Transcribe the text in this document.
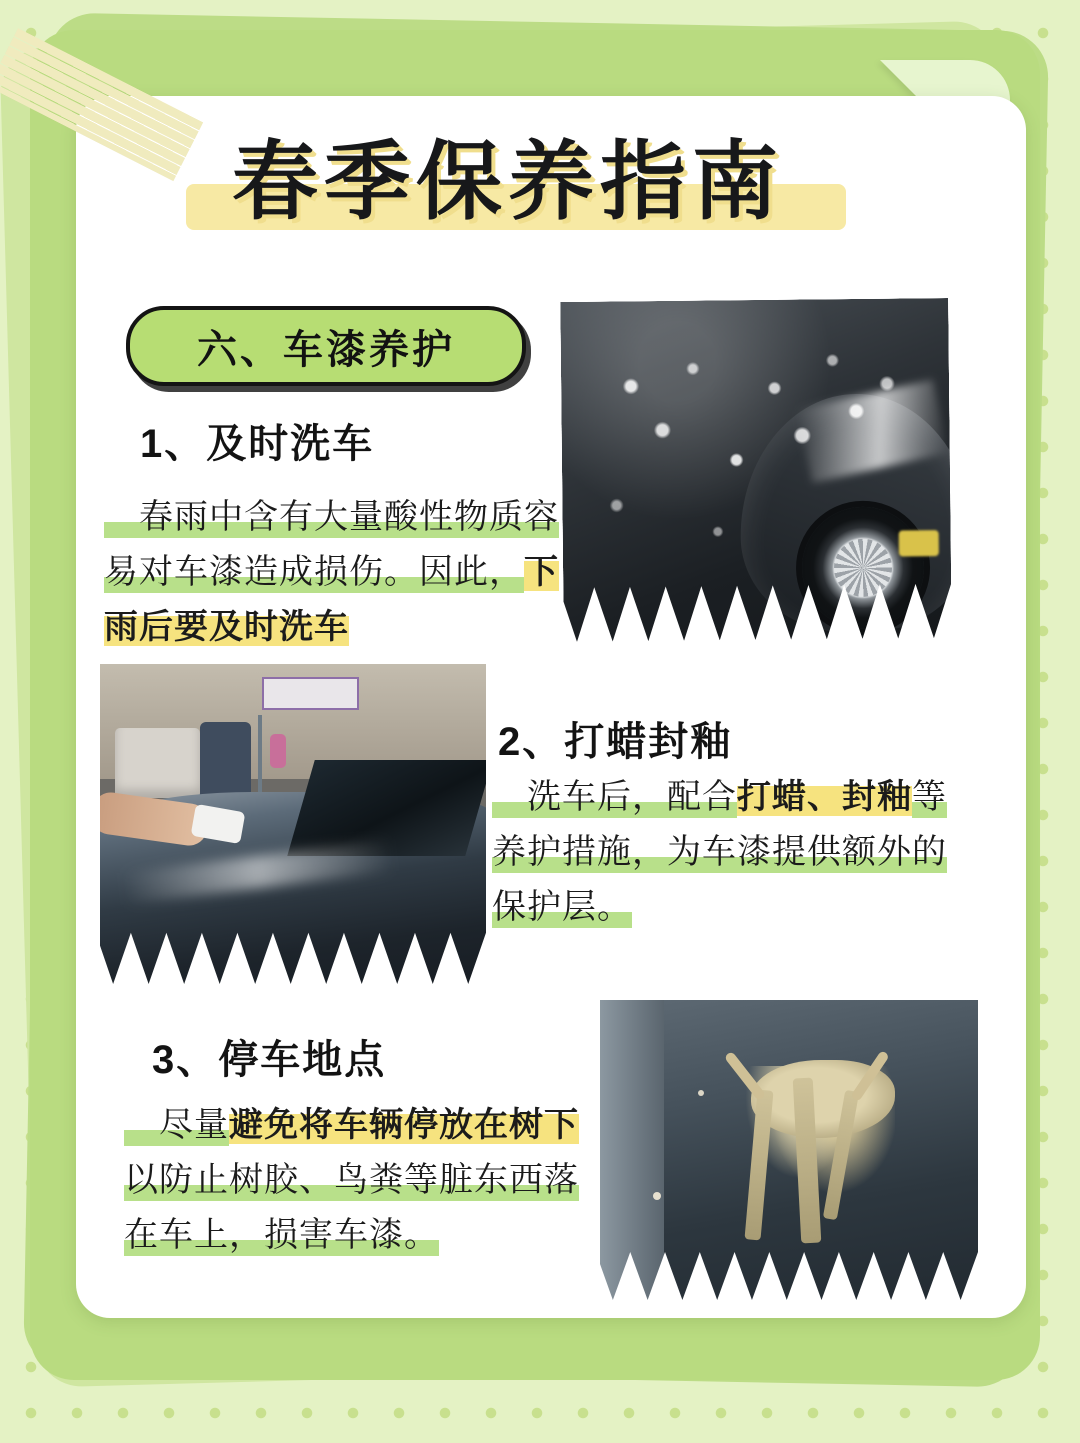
春季保养指南
六、车漆养护
1、及时洗车
　春雨中含有大量酸性物质容易对车漆造成损伤。因此，下雨后要及时洗车
2、打蜡封釉
　洗车后，配合打蜡、封釉等养护措施，为车漆提供额外的保护层。
3、停车地点
　尽量避免将车辆停放在树下以防止树胶、鸟粪等脏东西落在车上，损害车漆。
